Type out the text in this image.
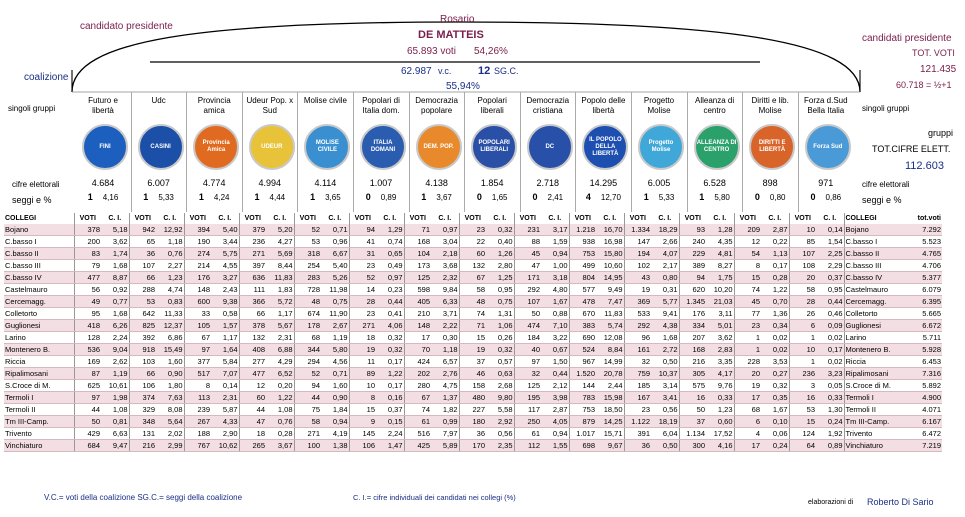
candidato presidente
Rosario
DE MATTEIS
65.893 voti 54,26%
coalizione
62.987 v.c. 12 SG.C.
55,94%
candidati presidente
TOT. VOTI
121.435
60.718 = ½+1
singoli gruppi	singoli gruppi
gruppi
TOT.CIFRE ELETT.
112.603
cifre elettorali
seggi e %
cifre elettorali
seggi e %
Futuro e libertà
FINI
4.684
1 4,16
Udc
CASINI
6.007
1 5,33
Provincia amica
Provincia Amica
4.774
1 4,24
Udeur Pop. x Sud
UDEUR
4.994
1 4,44
Molise civile
MOLISE CIVILE
4.114
1 3,65
Popolari di Italia dom.
ITALIA DOMANI
1.007
0 0,89
Democrazia popolare
DEM. POP.
4.138
1 3,67
Popolari liberali
POPOLARI LIBERALI
1.854
0 1,65
Democrazia cristiana
DC
2.718
0 2,41
Popolo delle libertà
IL POPOLO DELLA LIBERTÀ
14.295
4 12,70
Progetto Molise
Progetto Molise
6.005
1 5,33
Alleanza di centro
ALLEANZA DI CENTRO
6.528
1 5,80
Diritti e lib. Molise
DIRITTI E LIBERTÀ
898
0 0,80
Forza d.Sud Bella Italia
Forza Sud
971
0 0,86
COLLEGI	VOTI	C. I.	VOTI	C. I.	VOTI	C. I.	VOTI	C. I.	VOTI	C. I.	VOTI	C. I.	VOTI	C. I.	VOTI	C. I.	VOTI	C. I.	VOTI	C. I.	VOTI	C. I.	VOTI	C. I.	VOTI	C. I.	VOTI	C. I.	COLLEGI	tot.voti
Bojano	378	5,18	942	12,92	394	5,40	379	5,20	52	0,71	94	1,29	71	0,97	23	0,32	231	3,17	1.218	16,70	1.334	18,29	93	1,28	209	2,87	10	0,14	Bojano	7.292
C.basso I	200	3,62	65	1,18	190	3,44	236	4,27	53	0,96	41	0,74	168	3,04	22	0,40	88	1,59	938	16,98	147	2,66	240	4,35	12	0,22	85	1,54	C.basso I	5.523
C.basso II	83	1,74	36	0,76	274	5,75	271	5,69	318	6,67	31	0,65	104	2,18	60	1,26	45	0,94	753	15,80	194	4,07	229	4,81	54	1,13	107	2,25	C.basso II	4.765
C.basso III	79	1,68	107	2,27	214	4,55	397	8,44	254	5,40	23	0,49	173	3,68	132	2,80	47	1,00	499	10,60	102	2,17	389	8,27	8	0,17	108	2,29	C.basso III	4.706
C.basso IV	477	8,87	66	1,23	176	3,27	636	11,83	283	5,26	52	0,97	125	2,32	67	1,25	171	3,18	804	14,95	43	0,80	94	1,75	15	0,28	20	0,37	C.basso IV	5.377
Castelmauro	56	0,92	288	4,74	148	2,43	111	1,83	728	11,98	14	0,23	598	9,84	58	0,95	292	4,80	577	9,49	19	0,31	620	10,20	74	1,22	58	0,95	Castelmauro	6.079
Cercemagg.	49	0,77	53	0,83	600	9,38	366	5,72	48	0,75	28	0,44	405	6,33	48	0,75	107	1,67	478	7,47	369	5,77	1.345	21,03	45	0,70	28	0,44	Cercemagg.	6.395
Colletorto	95	1,68	642	11,33	33	0,58	66	1,17	674	11,90	23	0,41	210	3,71	74	1,31	50	0,88	670	11,83	533	9,41	176	3,11	77	1,36	26	0,46	Colletorto	5.665
Guglionesi	418	6,26	825	12,37	105	1,57	378	5,67	178	2,67	271	4,06	148	2,22	71	1,06	474	7,10	383	5,74	292	4,38	334	5,01	23	0,34	6	0,09	Guglionesi	6.672
Larino	128	2,24	392	6,86	67	1,17	132	2,31	68	1,19	18	0,32	17	0,30	15	0,26	184	3,22	690	12,08	96	1,68	207	3,62	1	0,02	1	0,02	Larino	5.711
Montenero B.	536	9,04	918	15,49	97	1,64	408	6,88	344	5,80	19	0,32	70	1,18	19	0,32	40	0,67	524	8,84	161	2,72	168	2,83	1	0,02	10	0,17	Montenero B.	5.928
Riccia	169	2,62	103	1,60	377	5,84	277	4,29	294	4,56	11	0,17	424	6,57	37	0,57	97	1,50	967	14,99	32	0,50	216	3,35	228	3,53	1	0,02	Riccia	6.453
Ripalimosani	87	1,19	66	0,90	517	7,07	477	6,52	52	0,71	89	1,22	202	2,76	46	0,63	32	0,44	1.520	20,78	759	10,37	305	4,17	20	0,27	236	3,23	Ripalimosani	7.316
S.Croce di M.	625	10,61	106	1,80	8	0,14	12	0,20	94	1,60	10	0,17	280	4,75	158	2,68	125	2,12	144	2,44	185	3,14	575	9,76	19	0,32	3	0,05	S.Croce di M.	5.892
Termoli I	97	1,98	374	7,63	113	2,31	60	1,22	44	0,90	8	0,16	67	1,37	480	9,80	195	3,98	783	15,98	167	3,41	16	0,33	17	0,35	16	0,33	Termoli I	4.900
Termoli II	44	1,08	329	8,08	239	5,87	44	1,08	75	1,84	15	0,37	74	1,82	227	5,58	117	2,87	753	18,50	23	0,56	50	1,23	68	1,67	53	1,30	Termoli II	4.071
Tm III-Camp.	50	0,81	348	5,64	267	4,33	47	0,76	58	0,94	9	0,15	61	0,99	180	2,92	250	4,05	879	14,25	1.122	18,19	37	0,60	6	0,10	15	0,24	Tm III-Camp.	6.167
Trivento	429	6,63	131	2,02	188	2,90	18	0,28	271	4,19	145	2,24	516	7,97	36	0,56	61	0,94	1.017	15,71	391	6,04	1.134	17,52	4	0,06	124	1,92	Trivento	6.472
Vinchiaturo	684	9,47	216	2,99	767	10,62	265	3,67	100	1,38	106	1,47	425	5,89	170	2,35	112	1,55	698	9,67	36	0,50	300	4,16	17	0,24	64	0,89	Vinchiaturo	7.219
V.C.= voti della coalizione SG.C.= seggi della coalizione	C. I.= cifre individuali dei candidati nei collegi (%)
elaborazioni di Roberto Di Sario
